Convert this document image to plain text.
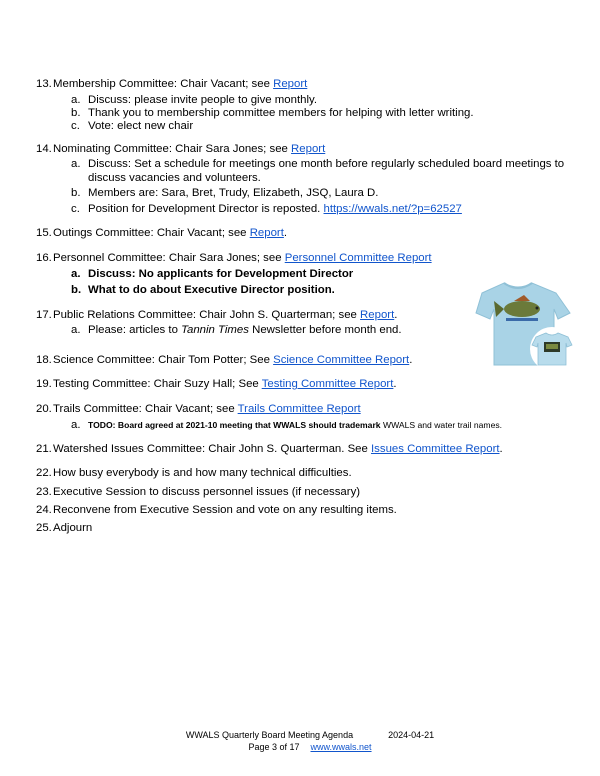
13. Membership Committee: Chair Vacant; see Report
a. Discuss: please invite people to give monthly.
b. Thank you to membership committee members for helping with letter writing.
c. Vote: elect new chair
14. Nominating Committee: Chair Sara Jones; see Report
a. Discuss: Set a schedule for meetings one month before regularly scheduled board meetings to
discuss vacancies and volunteers.
b. Members are: Sara, Bret, Trudy, Elizabeth, JSQ, Laura D.
c. Position for Development Director is reposted. https://wwals.net/?p=62527
15. Outings Committee: Chair Vacant; see Report.
16. Personnel Committee: Chair Sara Jones; see Personnel Committee Report
a. Discuss: No applicants for Development Director
b. What to do about Executive Director position.
17. Public Relations Committee: Chair John S. Quarterman; see Report.
a. Please: articles to Tannin Times Newsletter before month end.
18. Science Committee: Chair Tom Potter; See Science Committee Report.
19. Testing Committee: Chair Suzy Hall; See Testing Committee Report.
20. Trails Committee: Chair Vacant; see Trails Committee Report
a. TODO: Board agreed at 2021-10 meeting that WWALS should trademark WWALS and water trail names.
21. Watershed Issues Committee: Chair John S. Quarterman. See Issues Committee Report.
22. How busy everybody is and how many technical difficulties.
23. Executive Session to discuss personnel issues (if necessary)
24. Reconvene from Executive Session and vote on any resulting items.
25. Adjourn
WWALS Quarterly Board Meeting Agenda	2024-04-21
Page 3 of 17 www.wwals.net
